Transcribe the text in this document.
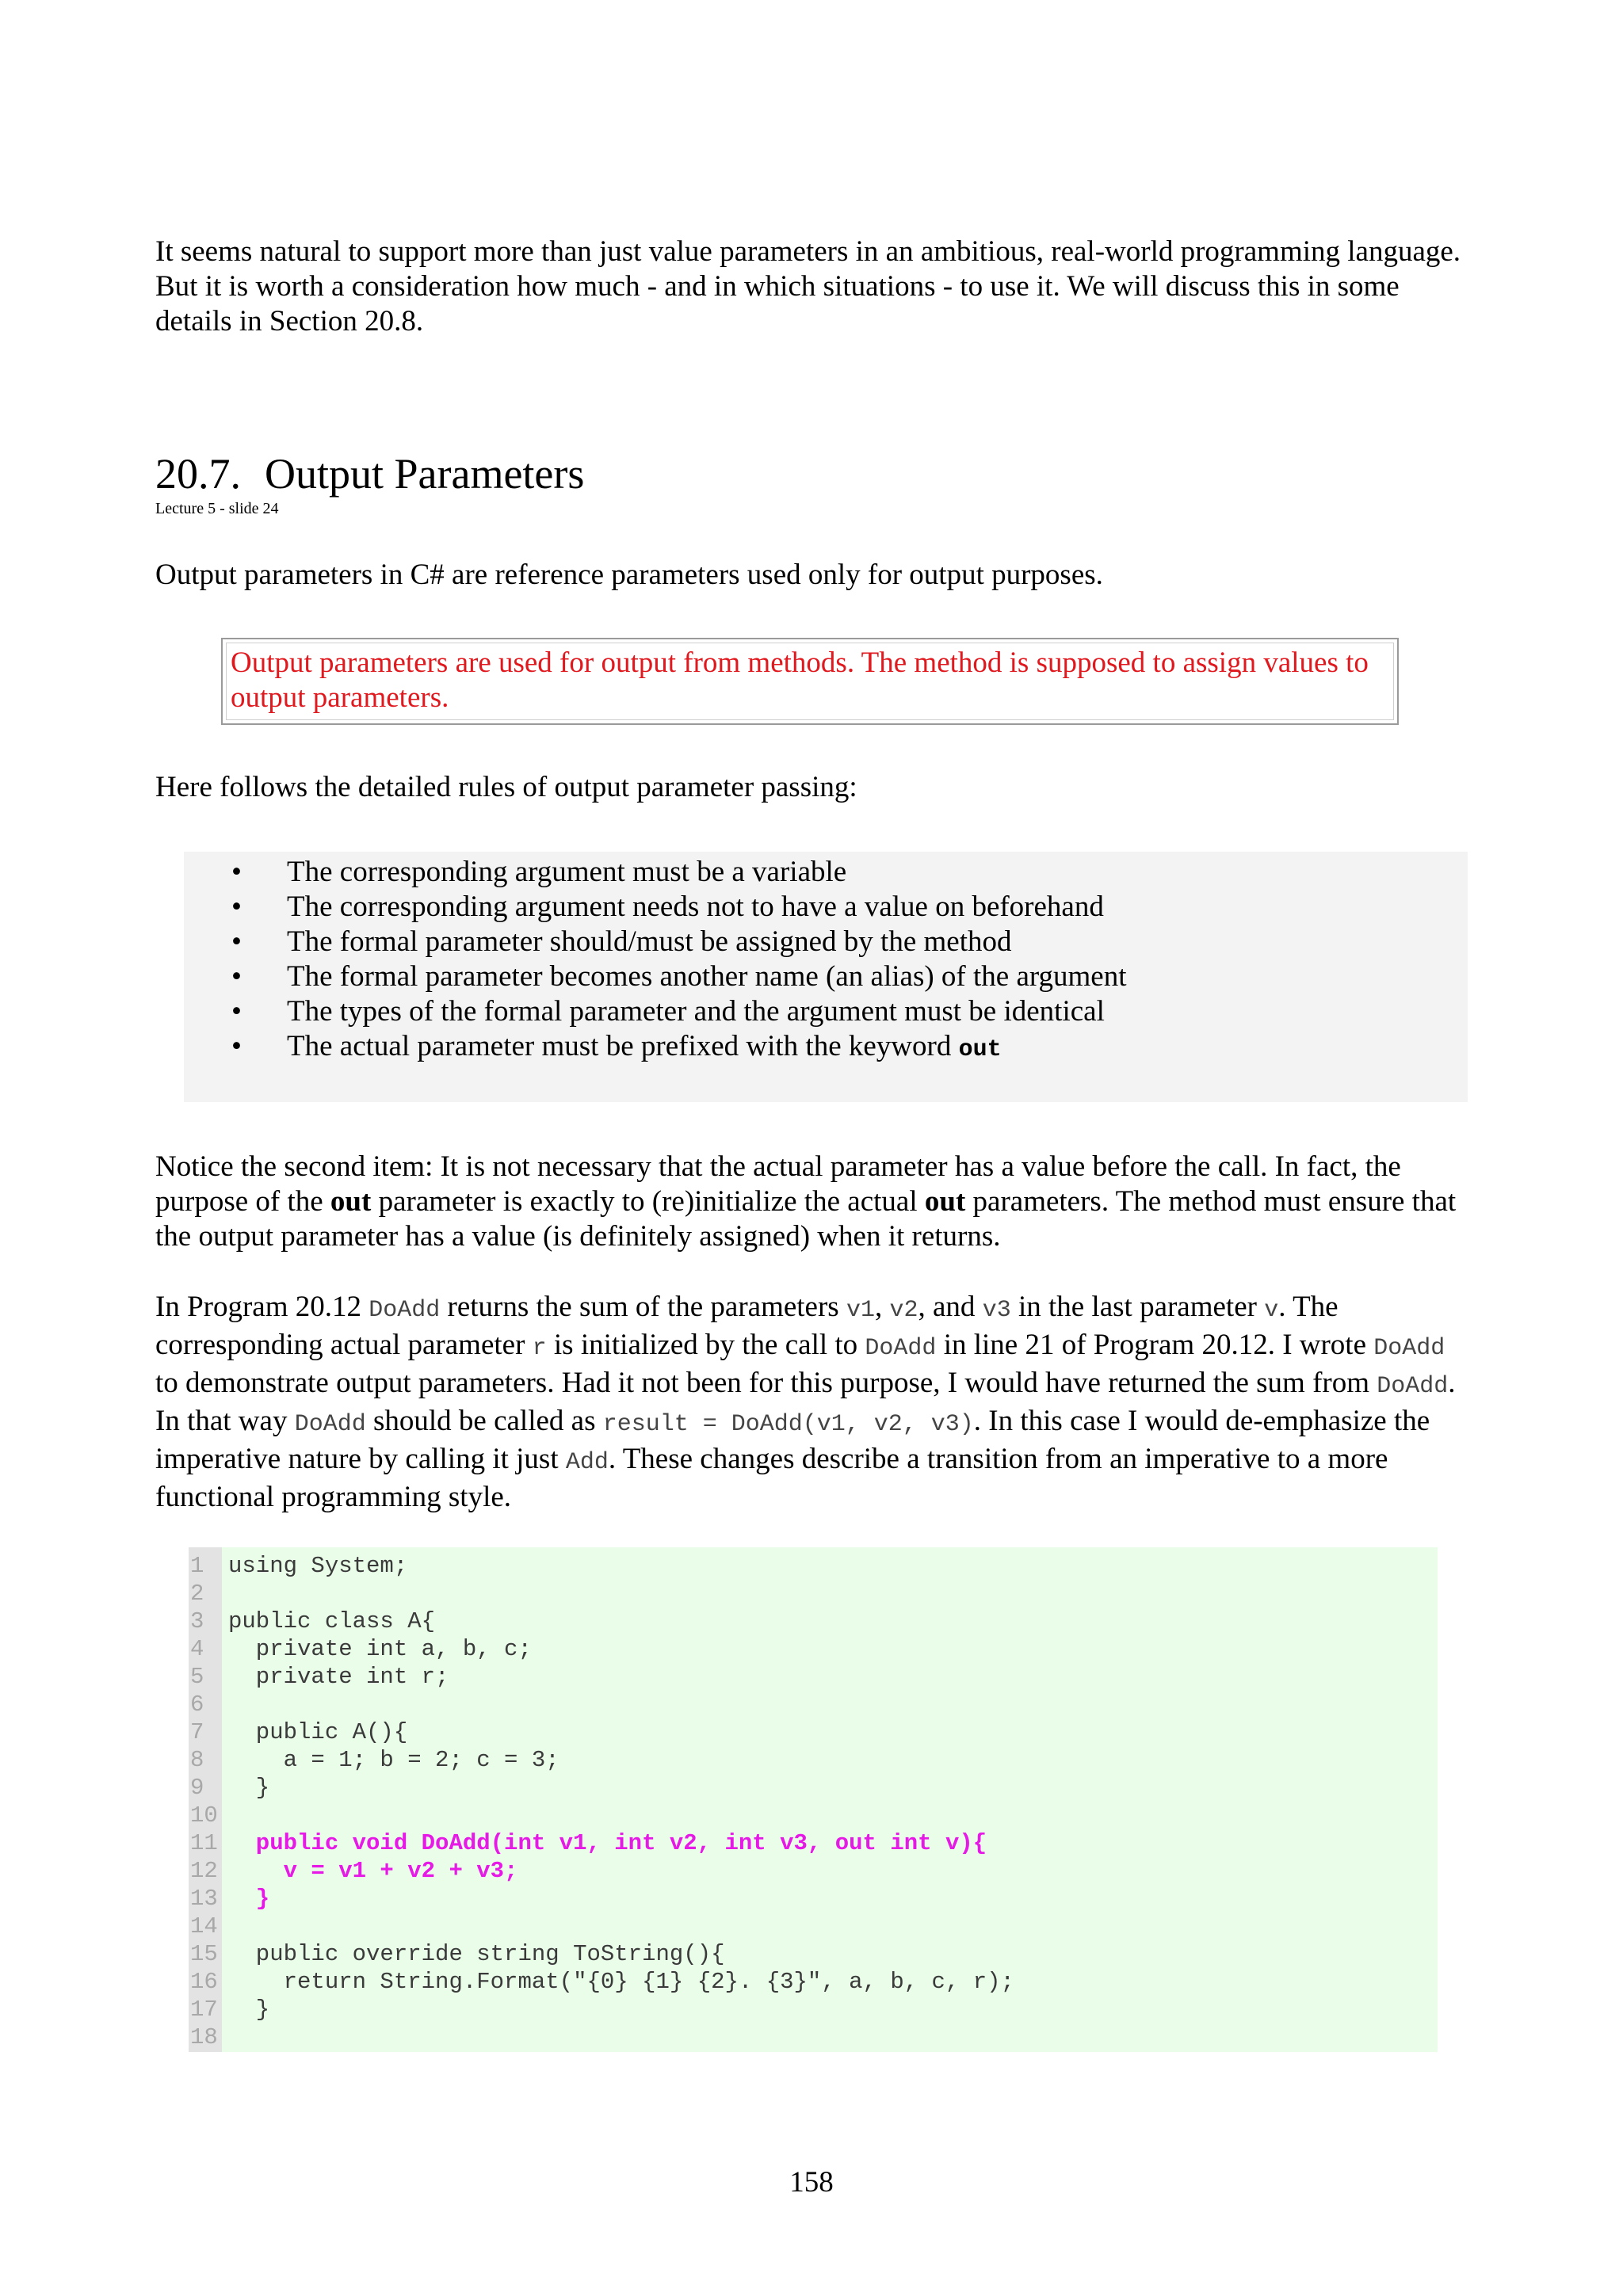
It seems natural to support more than just value parameters in an ambitious, real-world programming language. But it is worth a consideration how much - and in which situations - to use it. We will discuss this in some details in Section 20.8.

20.7. Output Parameters
Lecture 5 - slide 24

Output parameters in C# are reference parameters used only for output purposes.

Output parameters are used for output from methods. The method is supposed to assign values to output parameters.

Here follows the detailed rules of output parameter passing:

• The corresponding argument must be a variable
• The corresponding argument needs not to have a value on beforehand
• The formal parameter should/must be assigned by the method
• The formal parameter becomes another name (an alias) of the argument
• The types of the formal parameter and the argument must be identical
• The actual parameter must be prefixed with the keyword out

Notice the second item: It is not necessary that the actual parameter has a value before the call. In fact, the purpose of the out parameter is exactly to (re)initialize the actual out parameters. The method must ensure that the output parameter has a value (is definitely assigned) when it returns.

In Program 20.12 DoAdd returns the sum of the parameters v1, v2, and v3 in the last parameter v. The corresponding actual parameter r is initialized by the call to DoAdd in line 21 of Program 20.12. I wrote DoAdd to demonstrate output parameters. Had it not been for this purpose, I would have returned the sum from DoAdd. In that way DoAdd should be called as result = DoAdd(v1, v2, v3). In this case I would de-emphasize the imperative nature by calling it just Add. These changes describe a transition from an imperative to a more functional programming style.

1	using System;
2
3	public class A{
4	private int a, b, c;
5	private int r;
6
7	public A(){
8	a = 1; b = 2; c = 3;
9	}
10
11 public void DoAdd(int v1, int v2, int v3, out int v){
12 v = v1 + v2 + v3;
13 }
14
15 public override string ToString(){
16 return String.Format("{0} {1} {2}. {3}", a, b, c, r);
17 }
18
158
